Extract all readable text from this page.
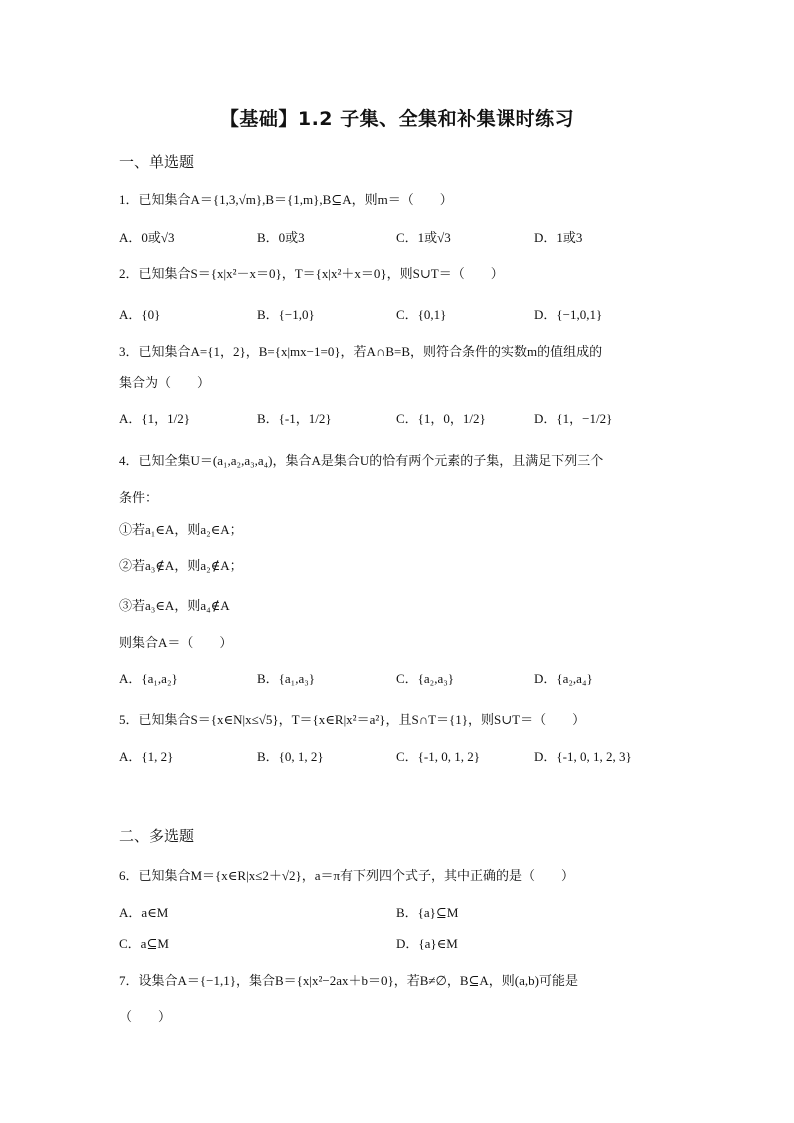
【基础】1.2 子集、全集和补集课时练习
一、单选题
1．已知集合A＝{1,3,√m},B＝{1,m},B⊆A，则m＝（　　）
A．0或√3	B．0或3	C．1或√3	D．1或3
2．已知集合S＝{x|x²－x＝0}，T＝{x|x²＋x＝0}，则S∪T＝（　　）
A．{0}	B．{−1,0}	C．{0,1}	D．{−1,0,1}
3．已知集合A={1，2}，B={x|mx−1=0}，若A∩B=B，则符合条件的实数m的值组成的
集合为（　　）
A．{1，1/2}	B．{-1，1/2}	C．{1，0，1/2}	D．{1，−1/2}
4．已知全集U＝(a₁,a₂,a₃,a₄)，集合A是集合U的恰有两个元素的子集，且满足下列三个
条件：
①若a₁∈A，则a₂∈A；
②若a₃∉A，则a₂∉A；
③若a₃∈A，则a₄∉A
则集合A＝（　　）
A．{a₁,a₂}	B．{a₁,a₃}	C．{a₂,a₃}	D．{a₂,a₄}
5．已知集合S＝{x∈N|x≤√5}，T＝{x∈R|x²＝a²}，且S∩T＝{1}，则S∪T＝（　　）
A．{1, 2}	B．{0, 1, 2}	C．{-1, 0, 1, 2}	D．{-1, 0, 1, 2, 3}
二、多选题
6．已知集合M＝{x∈R|x≤2＋√2}，a＝π有下列四个式子，其中正确的是（　　）
A．a∈M	B．{a}⊆M
C．a⊆M	D．{a}∈M
7．设集合A＝{−1,1}，集合B＝{x|x²−2ax＋b＝0}，若B≠∅，B⊆A，则(a,b)可能是
（　　）
